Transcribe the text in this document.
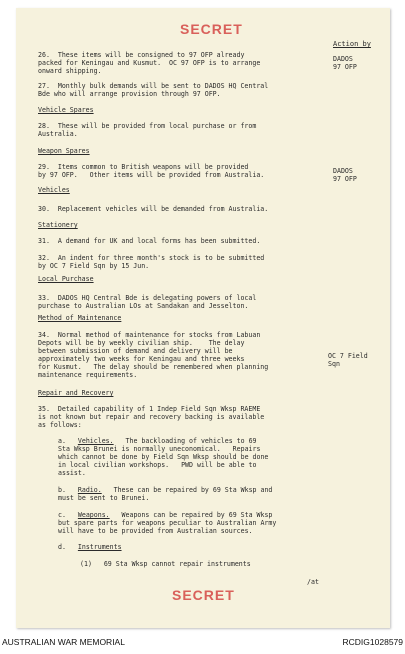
SECRET
Action by
26.  These items will be consigned to 97 OFP already
packed for Keningau and Kusmut.  OC 97 OFP is to arrange
onward shipping.
DADOS
97 OFP
27.  Monthly bulk demands will be sent to DADOS HQ Central
Bde who will arrange provision through 97 OFP.
Vehicle Spares
28.  These will be provided from local purchase or from
Australia.
Weapon Spares
29.  Items common to British weapons will be provided
by 97 OFP.   Other items will be provided from Australia.	DADOS
97 OFP
Vehicles
30.  Replacement vehicles will be demanded from Australia.
Stationery
31.  A demand for UK and local forms has been submitted.
32.  An indent for three month's stock is to be submitted
by OC 7 Field Sqn by 15 Jun.
Local Purchase
33.  DADOS HQ Central Bde is delegating powers of local
purchase to Australian LOs at Sandakan and Jesselton.
Method of Maintenance
34.  Normal method of maintenance for stocks from Labuan
Depots will be by weekly civilian ship.    The delay
between submission of demand and delivery will be
approximately two weeks for Keningau and three weeks
for Kusmut.   The delay should be remembered when planning
maintenance requirements.
OC 7 Field
Sqn
Repair and Recovery
35.  Detailed capability of 1 Indep Field Sqn Wksp RAEME
is not known but repair and recovery backing is available
as follows:
a. Vehicles.   The backloading of vehicles to 69
Sta Wksp Brunei is normally uneconomical.   Repairs
which cannot be done by Field Sqn Wksp should be done
in local civilian workshops.   PWD will be able to
assist.
b. Radio.   These can be repaired by 69 Sta Wksp and
must be sent to Brunei.
c. Weapons.   Weapons can be repaired by 69 Sta Wksp
but spare parts for weapons peculiar to Australian Army
will have to be provided from Australian sources.
d. Instruments
(1)   69 Sta Wksp cannot repair instruments
/at
SECRET
AUSTRALIAN WAR MEMORIAL	RCDIG1028579
